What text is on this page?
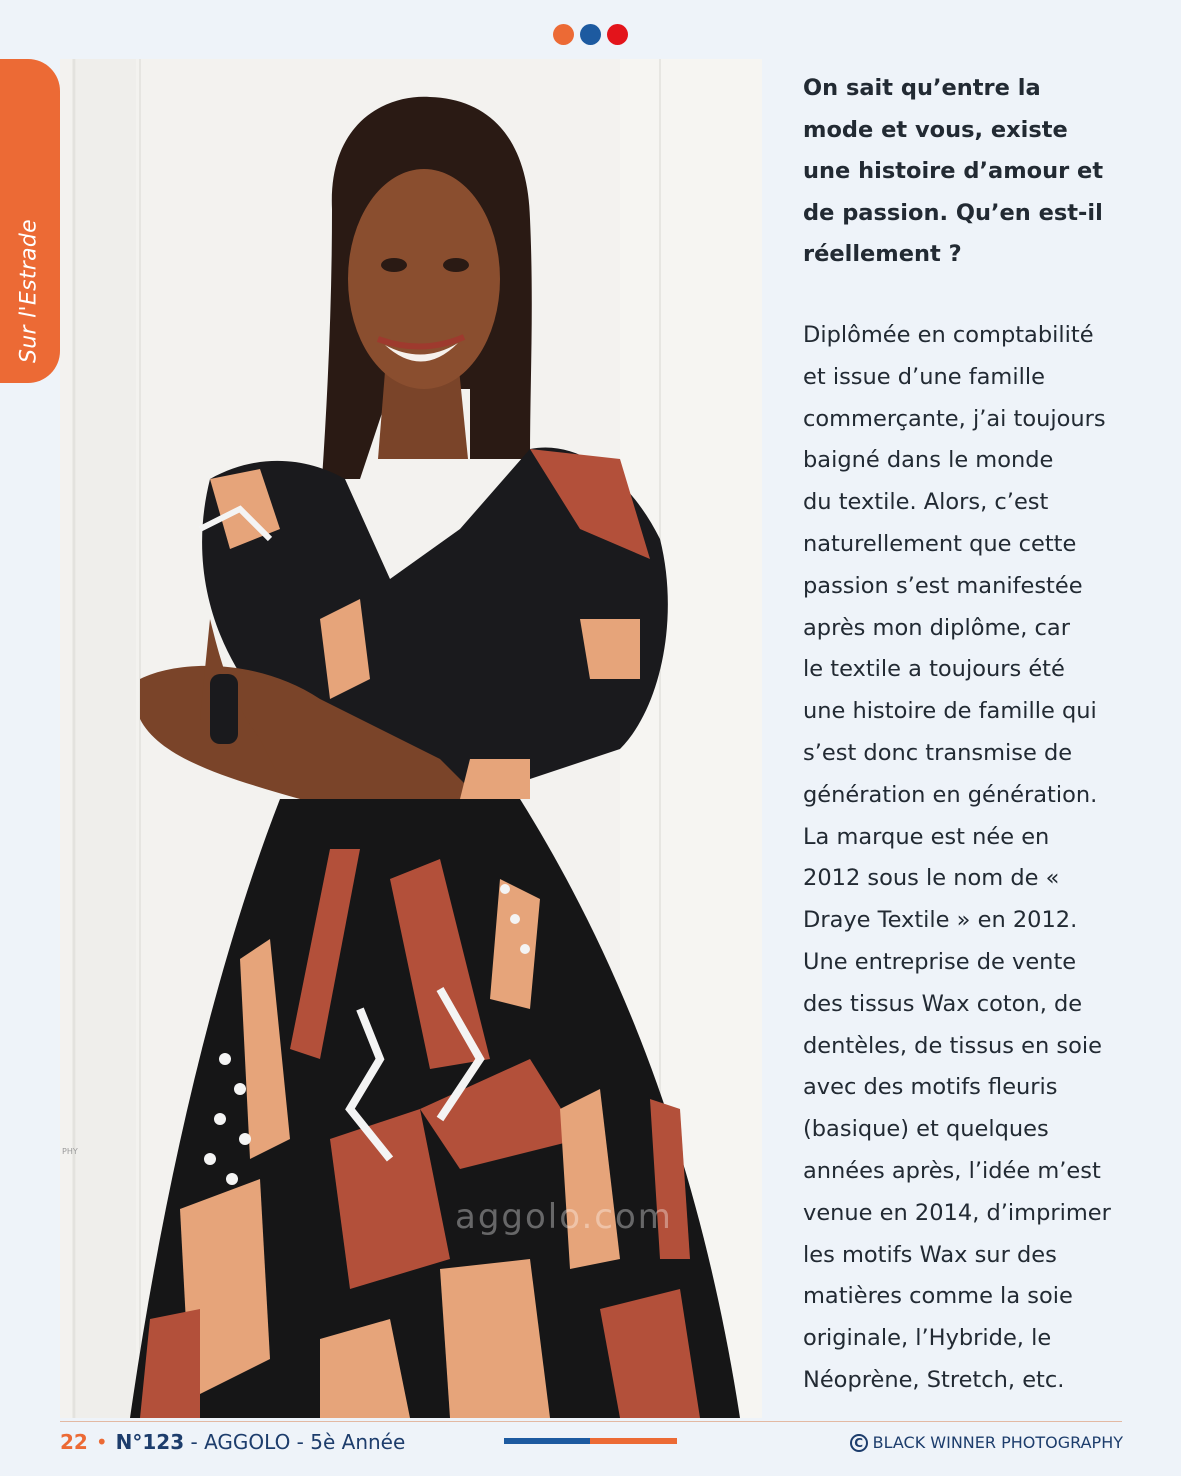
Sur l'Estrade
aggolo.com
PHY
On sait qu’entre la
mode et vous, existe
une histoire d’amour et
de passion. Qu’en est-il
réellement ?
Diplômée en comptabilité
et issue d’une famille
commerçante, j’ai toujours
baigné dans le monde
du textile. Alors, c’est
naturellement que cette
passion s’est manifestée
après mon diplôme, car
le textile a toujours été
une histoire de famille qui
s’est donc transmise de
génération en génération.
La marque est née en
2012 sous le nom de «
Draye Textile » en 2012.
Une entreprise de vente
des tissus Wax coton, de
dentèles, de tissus en soie
avec des motifs fleuris
(basique) et quelques
années après, l’idée m’est
venue en 2014, d’imprimer
les motifs Wax sur des
matières comme la soie
originale, l’Hybride, le
Néoprène, Stretch, etc.
22 • N°123 - AGGOLO - 5è Année	C BLACK WINNER PHOTOGRAPHY
